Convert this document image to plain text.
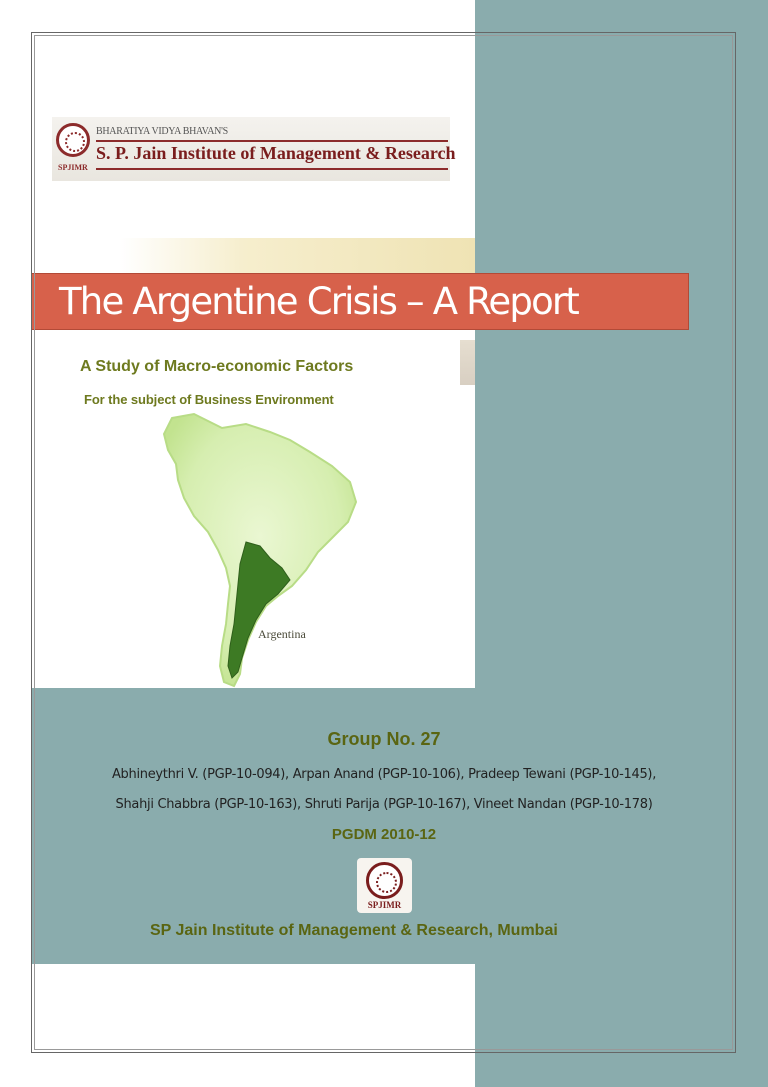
SPJIMR
BHARATIYA VIDYA BHAVAN'S
S. P. Jain Institute of Management & Research
The Argentine Crisis – A Report
A Study of Macro-economic Factors
For the subject of Business Environment
Argentina
Group No. 27
Abhineythri V. (PGP-10-094), Arpan Anand (PGP-10-106), Pradeep Tewani (PGP-10-145),
Shahji Chabbra (PGP-10-163), Shruti Parija (PGP-10-167), Vineet Nandan (PGP-10-178)
PGDM 2010-12
SPJIMR
SP Jain Institute of Management & Research, Mumbai
